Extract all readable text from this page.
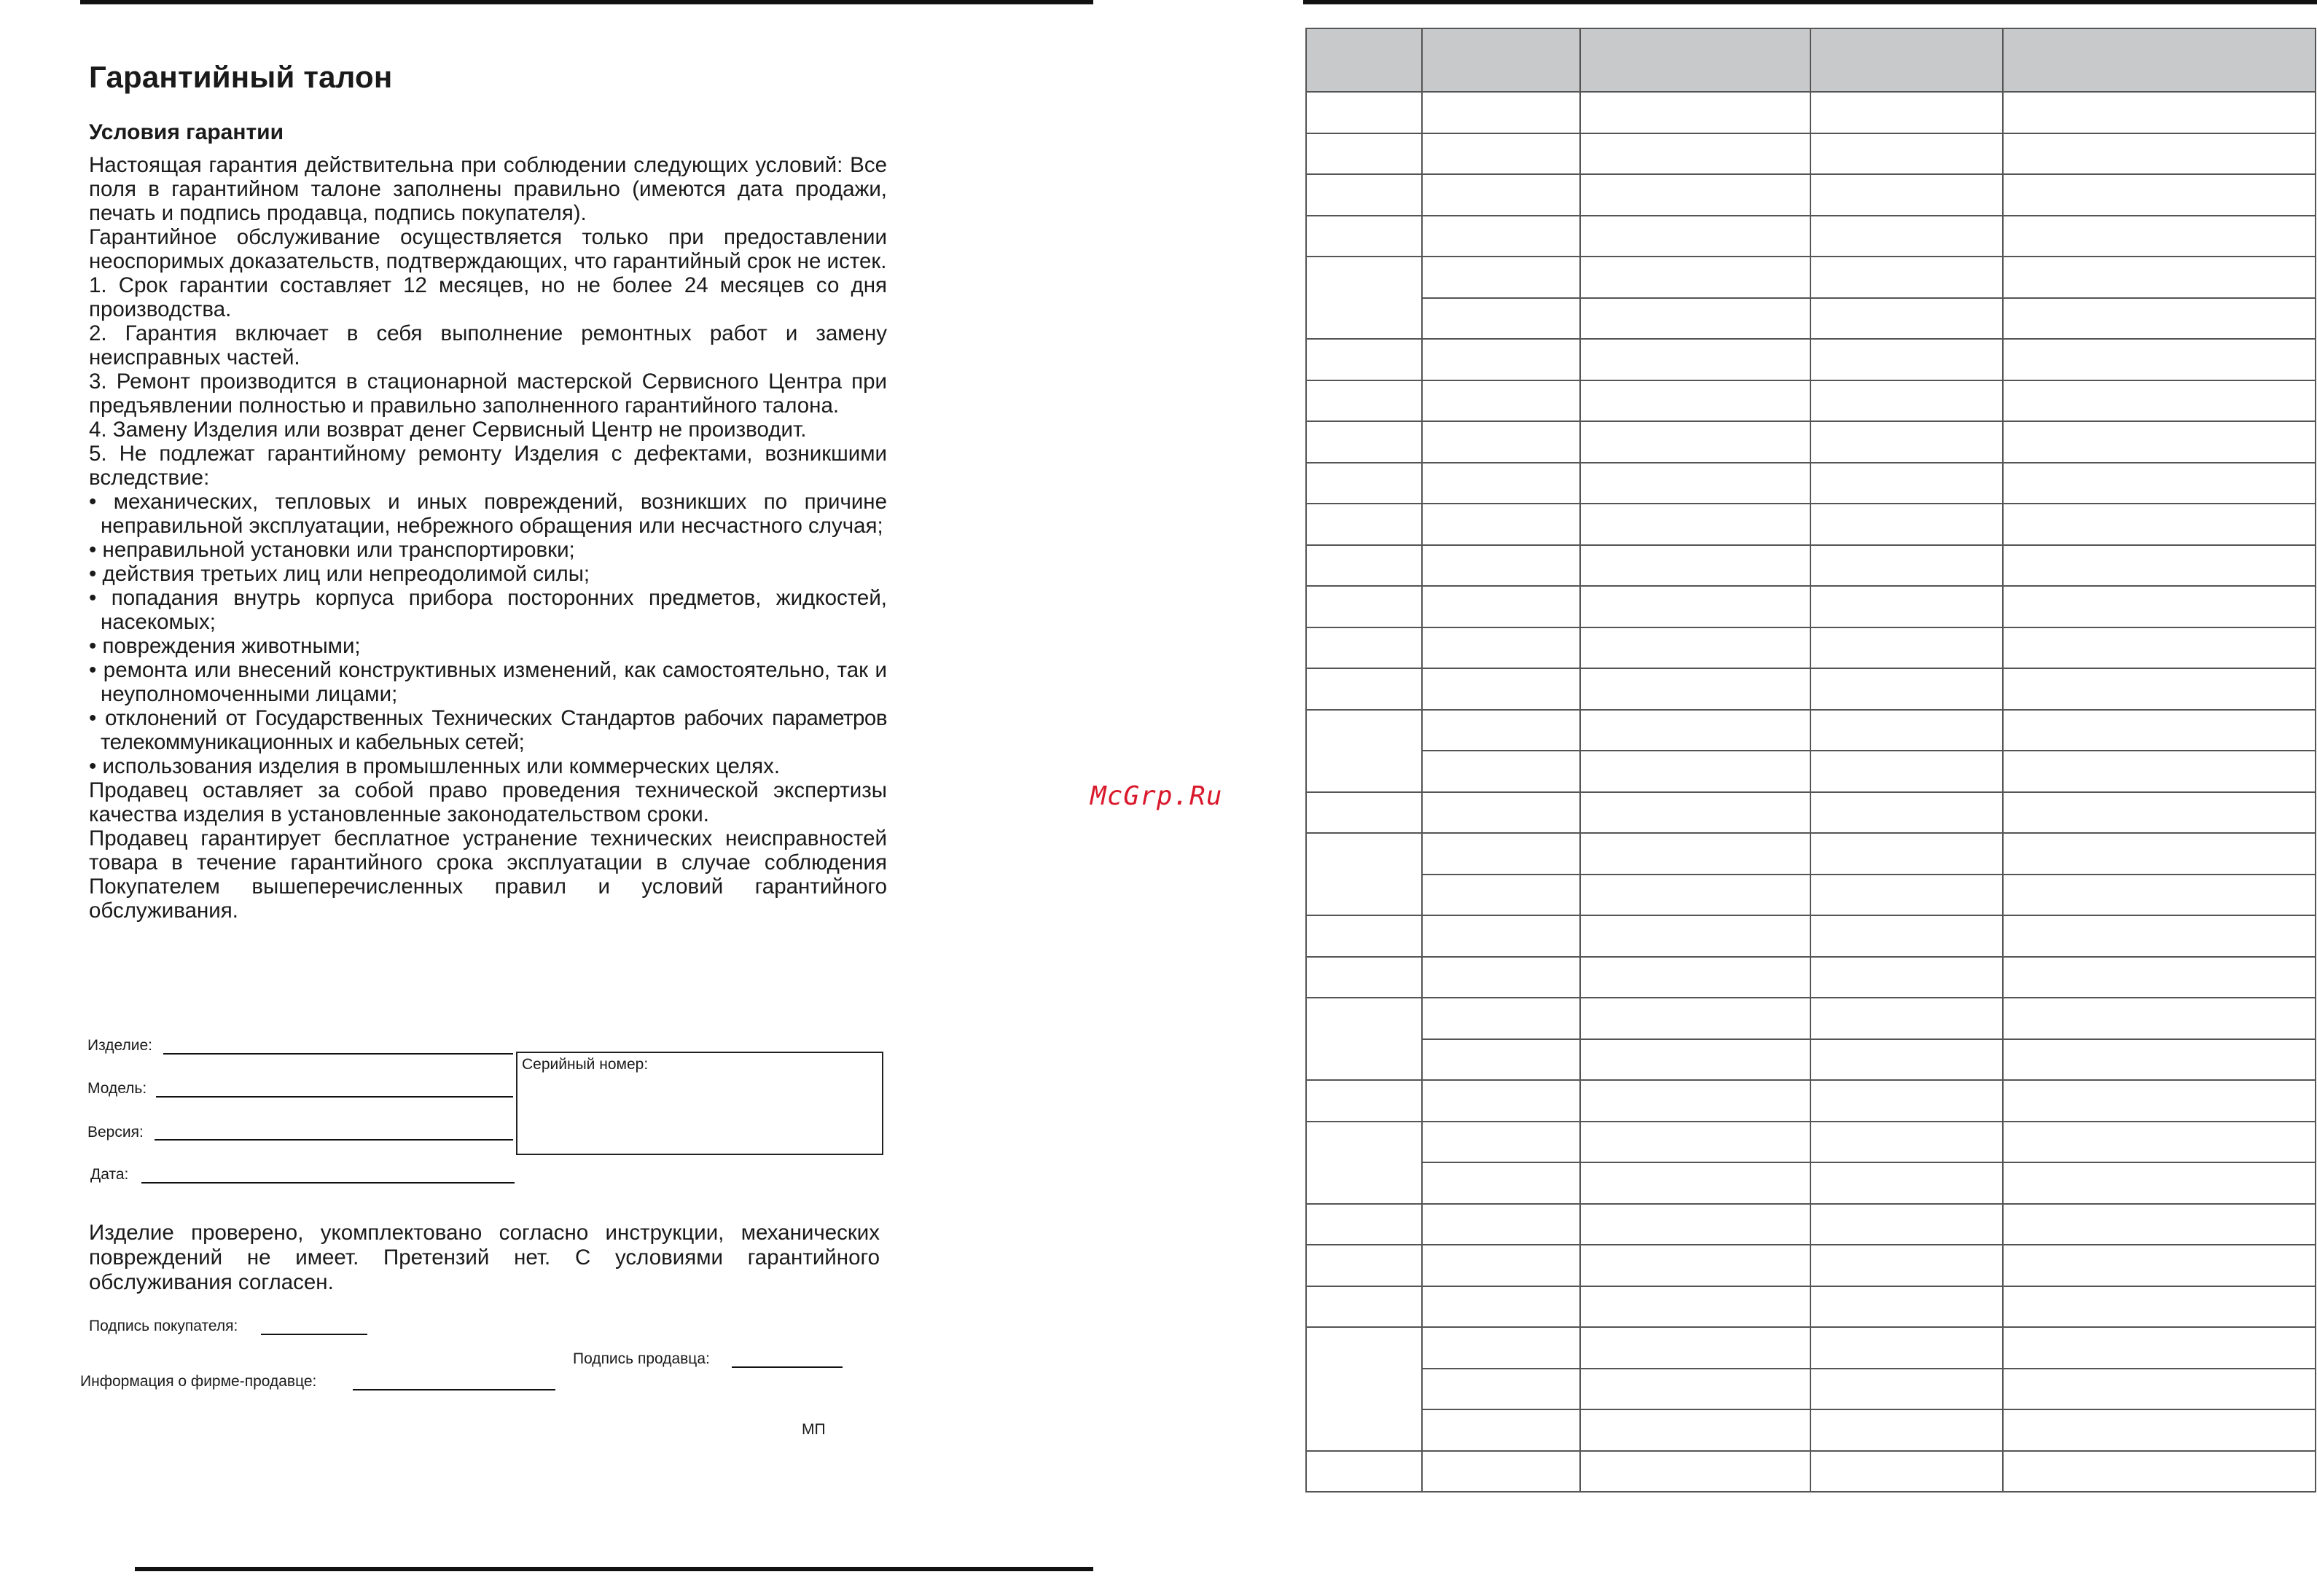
Гарантийный талон
Условия гарантии

Настоящая гарантия действительна при соблюдении следующих условий: Все поля в гарантийном талоне заполнены правильно (имеются дата продажи, печать и подпись продавца, подпись покупателя).

Гарантийное обслуживание осуществляется только при предоставлении неоспоримых доказательств, подтверждающих, что гарантийный срок не истек.

1. Срок гарантии составляет 12 месяцев, но не более 24 месяцев со дня производства.

2. Гарантия включает в себя выполнение ремонтных работ и замену неисправных частей.

3. Ремонт производится в стационарной мастерской Сервисного Центра при предъявлении полностью и правильно заполненного гарантийного талона.

4. Замену Изделия или возврат денег Сервисный Центр не производит.

5. Не подлежат гарантийному ремонту Изделия с дефектами, возникшими вследствие:

• механических, тепловых и иных повреждений, возникших по причине неправильной эксплуатации, небрежного обращения или несчастного случая;

• неправильной установки или транспортировки;

• действия третьих лиц или непреодолимой силы;

• попадания внутрь корпуса прибора посторонних предметов, жидкостей, насекомых;

• повреждения животными;

• ремонта или внесений конструктивных изменений, как самостоятельно, так и неуполномоченными лицами;

• отклонений от Государственных Технических Стандартов рабочих параметров телекоммуникационных и кабельных сетей;

• использования изделия в промышленных или коммерческих целях.

Продавец оставляет за собой право проведения технической экспертизы качества изделия в установленные законодательством сроки.

Продавец гарантирует бесплатное устранение технических неисправностей товара в течение гарантийного срока эксплуатации в случае соблюдения Покупателем вышеперечисленных правил и условий гарантийного обслуживания.

Изделие:
Модель:
Версия:
Дата:
Серийный номер:
Подпись покупателя:
Подпись продавца:
Информация о фирме-продавце:
МП

Изделие проверено, укомплектовано согласно инструкции, механических повреждений не имеет. Претензий нет. С условиями гарантийного обслуживания согласен.

McGrp.Ru
